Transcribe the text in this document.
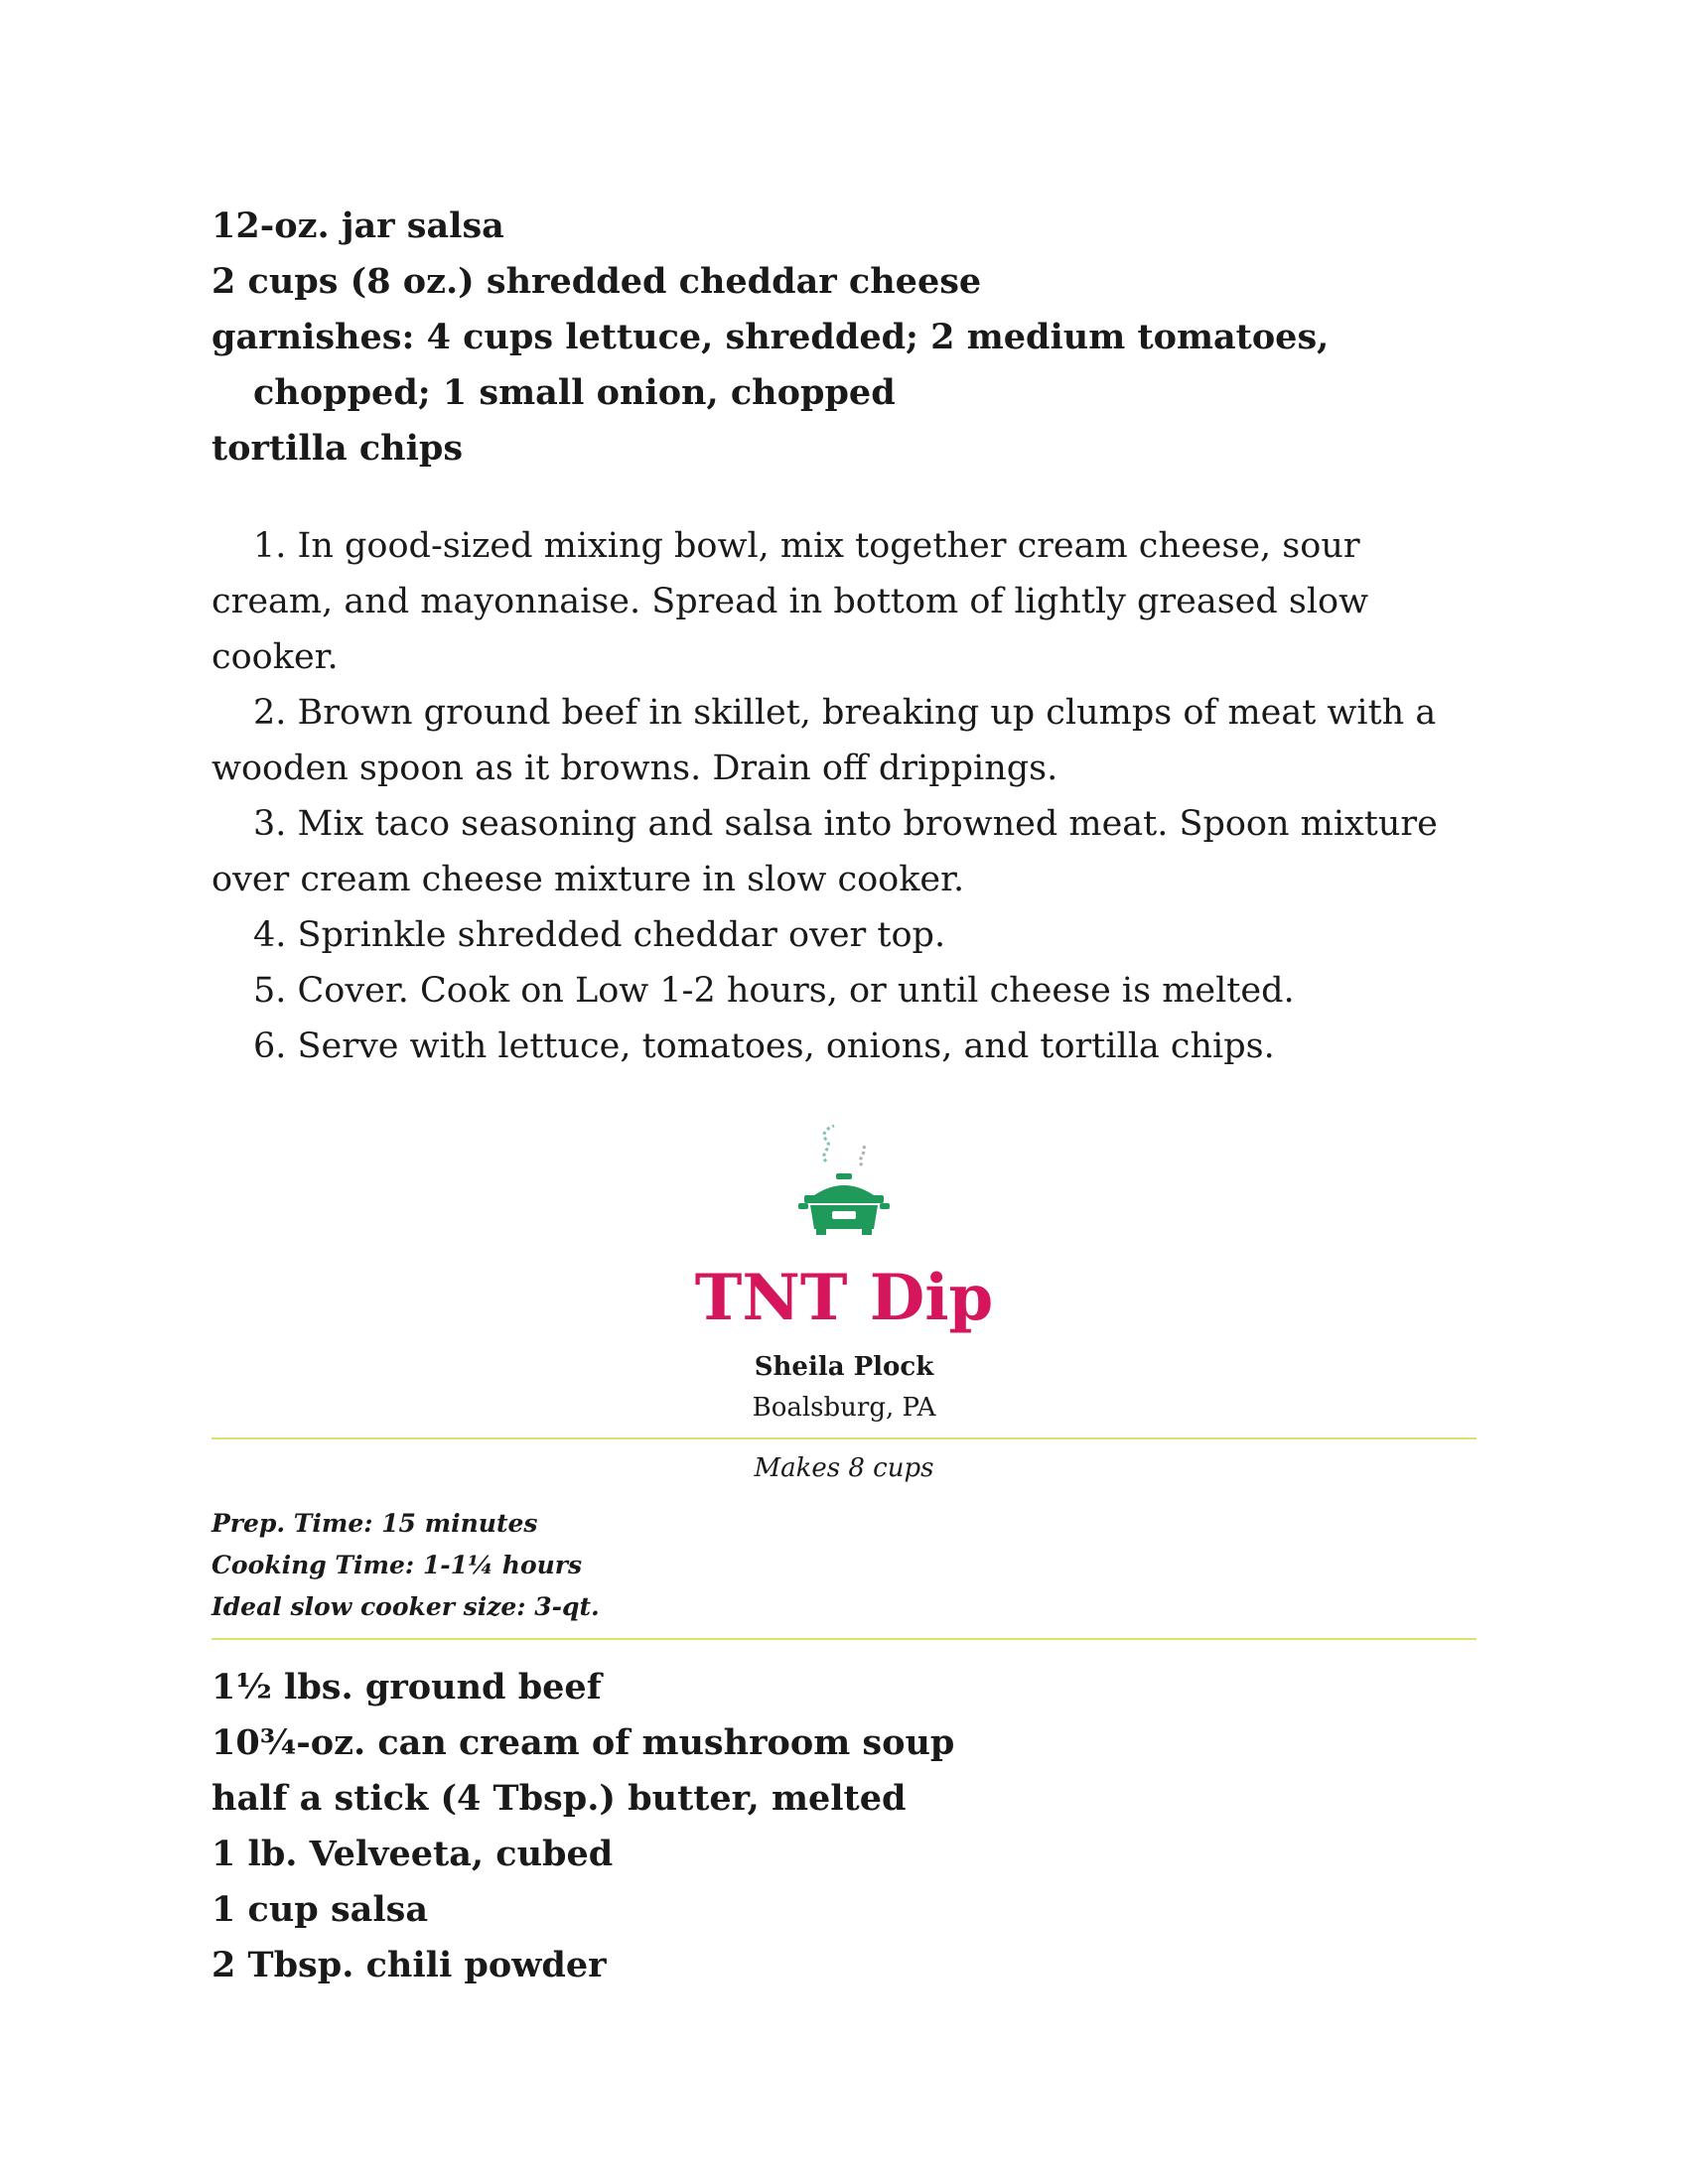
12-oz. jar salsa

2 cups (8 oz.) shredded cheddar cheese

garnishes: 4 cups lettuce, shredded; 2 medium tomatoes, chopped; 1 small onion, chopped

tortilla chips

1. In good-sized mixing bowl, mix together cream cheese, sour cream, and mayonnaise. Spread in bottom of lightly greased slow cooker.

2. Brown ground beef in skillet, breaking up clumps of meat with a wooden spoon as it browns. Drain off drippings.

3. Mix taco seasoning and salsa into browned meat. Spoon mixture over cream cheese mixture in slow cooker.

4. Sprinkle shredded cheddar over top.

5. Cover. Cook on Low 1-2 hours, or until cheese is melted.

6. Serve with lettuce, tomatoes, onions, and tortilla chips.

TNT Dip

Sheila Plock

Boalsburg, PA

Makes 8 cups

Prep. Time: 15 minutes

Cooking Time: 1-1¼ hours

Ideal slow cooker size: 3-qt.

1½ lbs. ground beef

10¾-oz. can cream of mushroom soup

half a stick (4 Tbsp.) butter, melted

1 lb. Velveeta, cubed

1 cup salsa

2 Tbsp. chili powder
